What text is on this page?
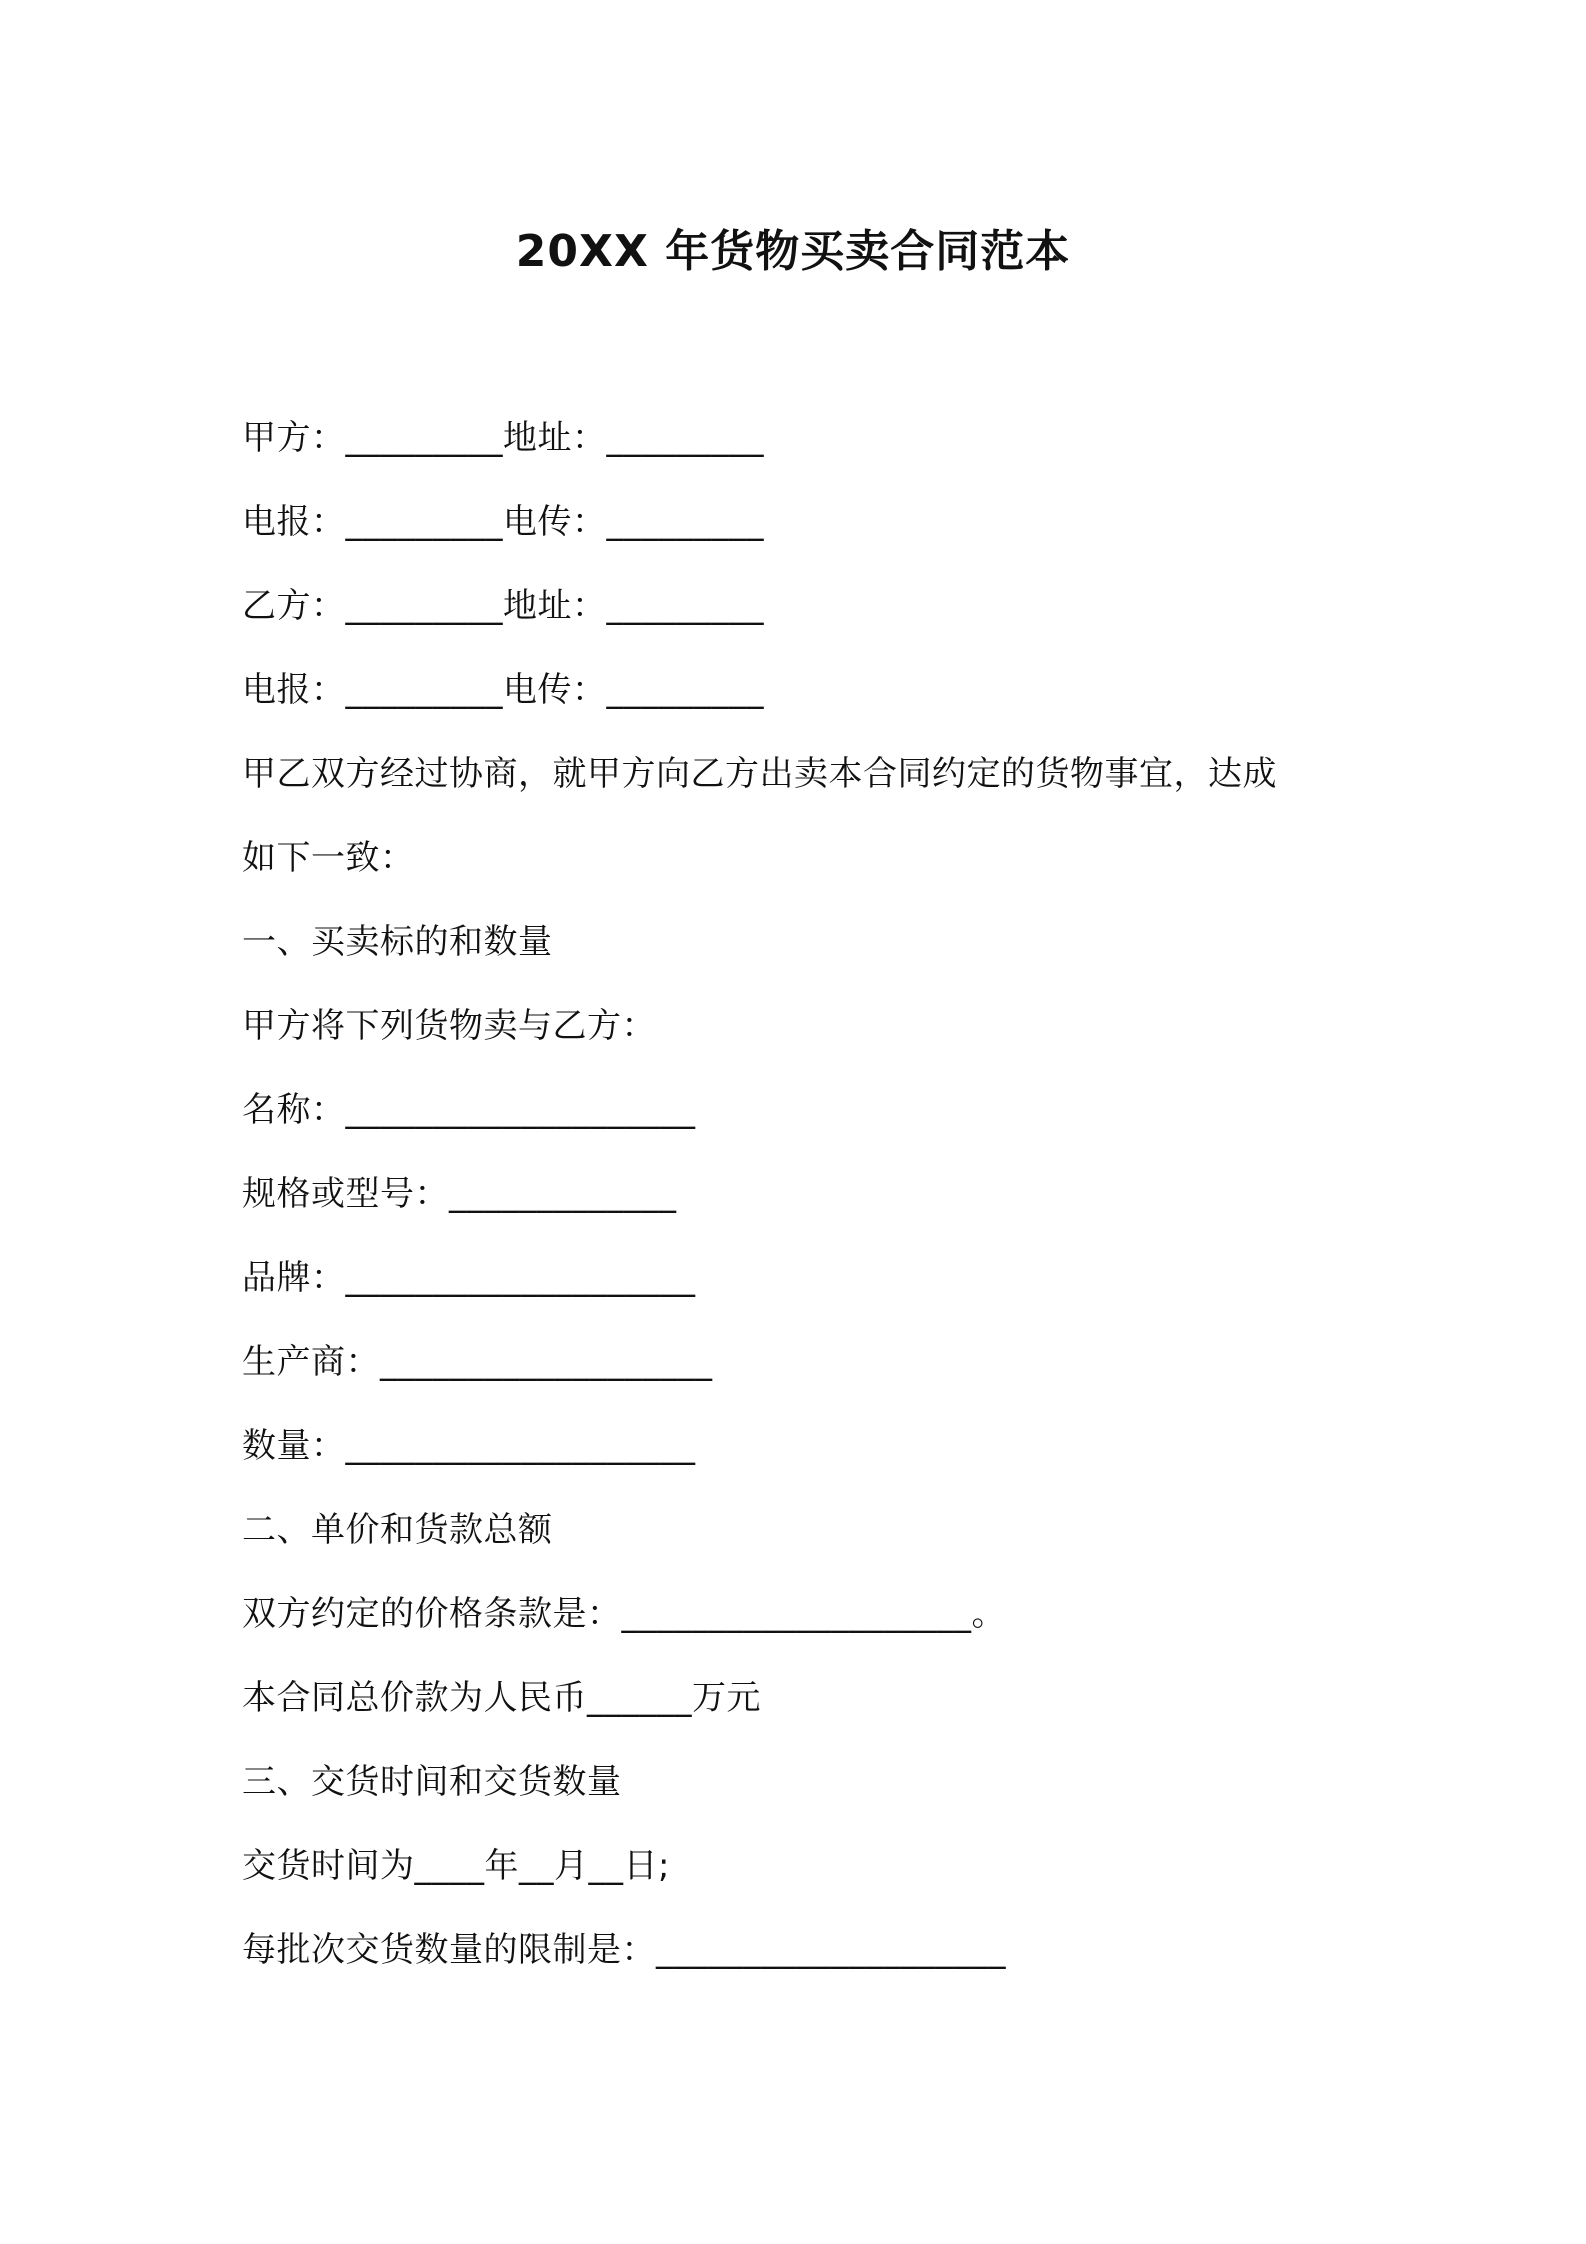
20XX 年货物买卖合同范本
甲方：_________地址：_________
电报：_________电传：_________
乙方：_________地址：_________
电报：_________电传：_________
甲乙双方经过协商，就甲方向乙方出卖本合同约定的货物事宜，达成
如下一致：
一、买卖标的和数量
甲方将下列货物卖与乙方：
名称：____________________
规格或型号：_____________
品牌：____________________
生产商：___________________
数量：____________________
二、单价和货款总额
双方约定的价格条款是：____________________。
本合同总价款为人民币______万元
三、交货时间和交货数量
交货时间为____年__月__日;
每批次交货数量的限制是：____________________
